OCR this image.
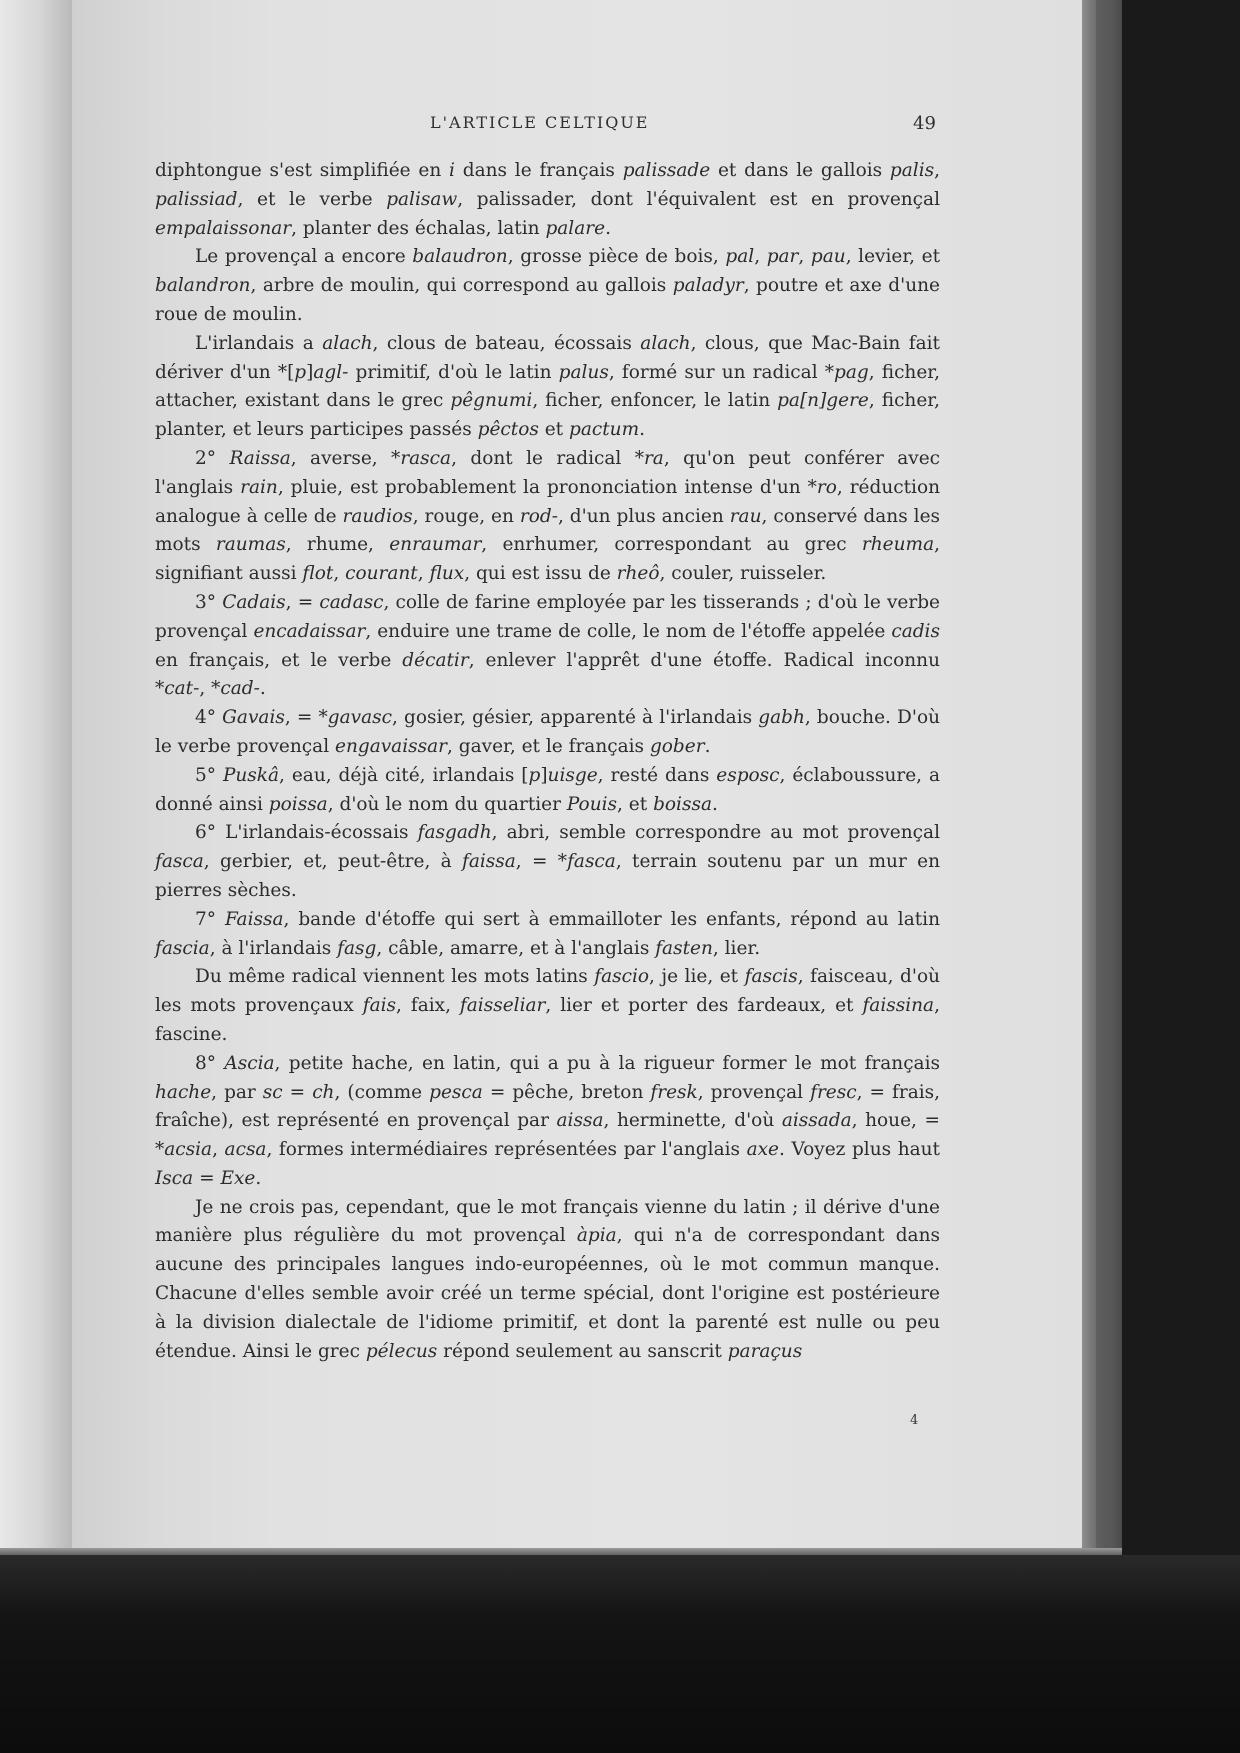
L'ARTICLE CELTIQUE	49

diphtongue s'est simplifiée en i dans le français palissade et dans le gallois palis, palissiad, et le verbe palisaw, palissader, dont l'équivalent est en provençal empalaissonar, planter des échalas, latin palare.

Le provençal a encore balaudron, grosse pièce de bois, pal, par, pau, levier, et balandron, arbre de moulin, qui correspond au gallois paladyr, poutre et axe d'une roue de moulin.

L'irlandais a alach, clous de bateau, écossais alach, clous, que Mac-Bain fait dériver d'un *[p]agl- primitif, d'où le latin palus, formé sur un radical *pag, ficher, attacher, existant dans le grec pêgnumi, ficher, enfoncer, le latin pa[n]gere, ficher, planter, et leurs participes passés pêctos et pactum.

2° Raissa, averse, *rasca, dont le radical *ra, qu'on peut conférer avec l'anglais rain, pluie, est probablement la prononciation intense d'un *ro, réduction analogue à celle de raudios, rouge, en rod-, d'un plus ancien rau, conservé dans les mots raumas, rhume, enraumar, enrhumer, correspondant au grec rheuma, signifiant aussi flot, courant, flux, qui est issu de rheô, couler, ruisseler.

3° Cadais, = cadasc, colle de farine employée par les tisserands ; d'où le verbe provençal encadaissar, enduire une trame de colle, le nom de l'étoffe appelée cadis en français, et le verbe décatir, enlever l'apprêt d'une étoffe. Radical inconnu *cat-, *cad-.

4° Gavais, = *gavasc, gosier, gésier, apparenté à l'irlandais gabh, bouche. D'où le verbe provençal engavaissar, gaver, et le français gober.

5° Puskâ, eau, déjà cité, irlandais [p]uisge, resté dans esposc, éclaboussure, a donné ainsi poissa, d'où le nom du quartier Pouis, et boissa.

6° L'irlandais-écossais fasgadh, abri, semble correspondre au mot provençal fasca, gerbier, et, peut-être, à faissa, = *fasca, terrain soutenu par un mur en pierres sèches.

7° Faissa, bande d'étoffe qui sert à emmailloter les enfants, répond au latin fascia, à l'irlandais fasg, câble, amarre, et à l'anglais fasten, lier.

Du même radical viennent les mots latins fascio, je lie, et fascis, faisceau, d'où les mots provençaux fais, faix, faisseliar, lier et porter des fardeaux, et faissina, fascine.

8° Ascia, petite hache, en latin, qui a pu à la rigueur former le mot français hache, par sc = ch, (comme pesca = pêche, breton fresk, provençal fresc, = frais, fraîche), est représenté en provençal par aissa, herminette, d'où aissada, houe, = *acsia, acsa, formes intermédiaires représentées par l'anglais axe. Voyez plus haut Isca = Exe.

Je ne crois pas, cependant, que le mot français vienne du latin ; il dérive d'une manière plus régulière du mot provençal àpia, qui n'a de correspondant dans aucune des principales langues indo-européennes, où le mot commun manque. Chacune d'elles semble avoir créé un terme spécial, dont l'origine est postérieure à la division dialectale de l'idiome primitif, et dont la parenté est nulle ou peu étendue. Ainsi le grec pélecus répond seulement au sanscrit paraçus

4
